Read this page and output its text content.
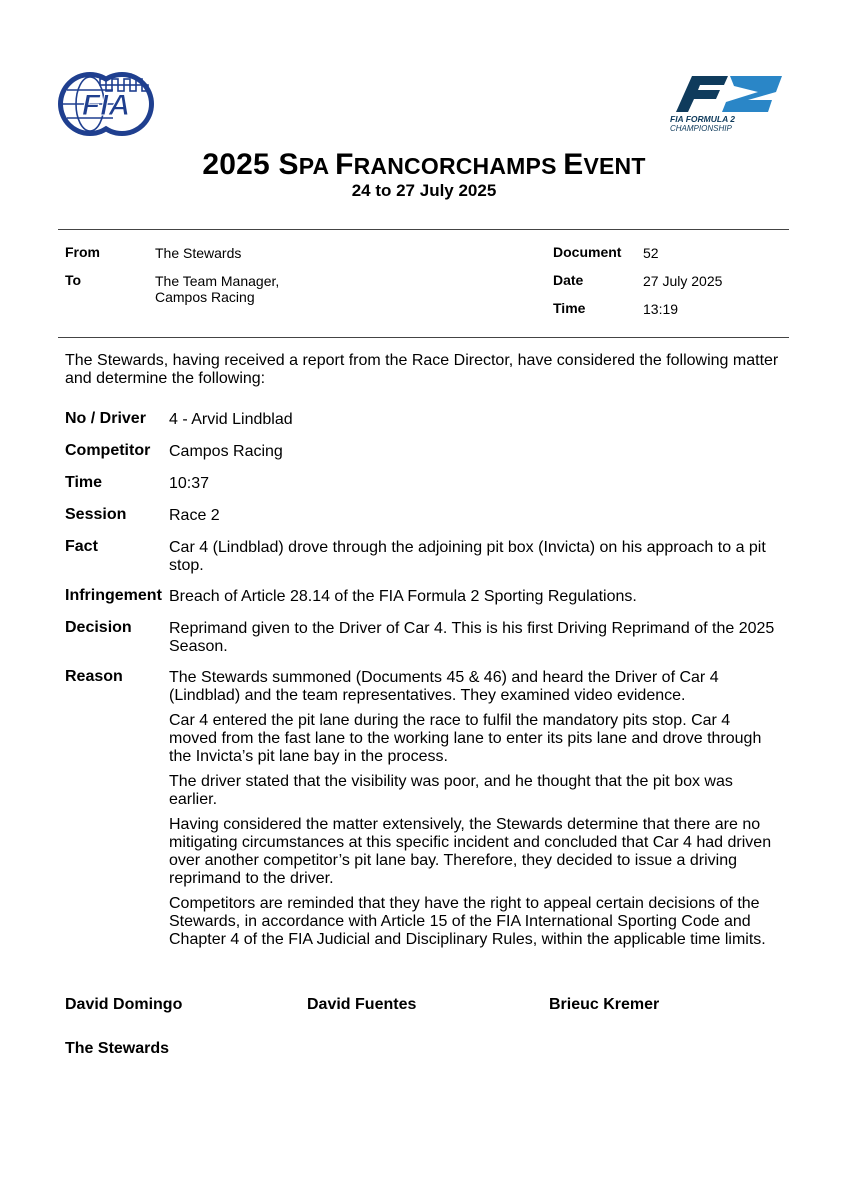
FIA	FIA FORMULA 2
CHAMPIONSHIP
2025 SPA FRANCORCHAMPS EVENT
24 to 27 July 2025
From	The Stewards
To	The Team Manager,
Campos Racing
Document 52
Date	27 July 2025
Time	13:19
The Stewards, having received a report from the Race Director, have considered the following matter and determine the following:
No / Driver 4 - Arvid Lindblad
Competitor Campos Racing
Time	10:37
Session	Race 2
Fact	Car 4 (Lindblad) drove through the adjoining pit box (Invicta) on his approach to a pit stop.
Infringement Breach of Article 28.14 of the FIA Formula 2 Sporting Regulations.
Decision Reprimand given to the Driver of Car 4. This is his first Driving Reprimand of the 2025 Season.
Reason	The Stewards summoned (Documents 45 & 46) and heard the Driver of Car 4 (Lindblad) and the team representatives. They examined video evidence.

Car 4 entered the pit lane during the race to fulfil the mandatory pits stop. Car 4 moved from the fast lane to the working lane to enter its pits lane and drove through the Invicta’s pit lane bay in the process.

The driver stated that the visibility was poor, and he thought that the pit box was earlier.

Having considered the matter extensively, the Stewards determine that there are no mitigating circumstances at this specific incident and concluded that Car 4 had driven over another competitor’s pit lane bay. Therefore, they decided to issue a driving reprimand to the driver.

Competitors are reminded that they have the right to appeal certain decisions of the Stewards, in accordance with Article 15 of the FIA International Sporting Code and Chapter 4 of the FIA Judicial and Disciplinary Rules, within the applicable time limits.

David Domingo	David Fuentes	Brieuc Kremer
The Stewards
